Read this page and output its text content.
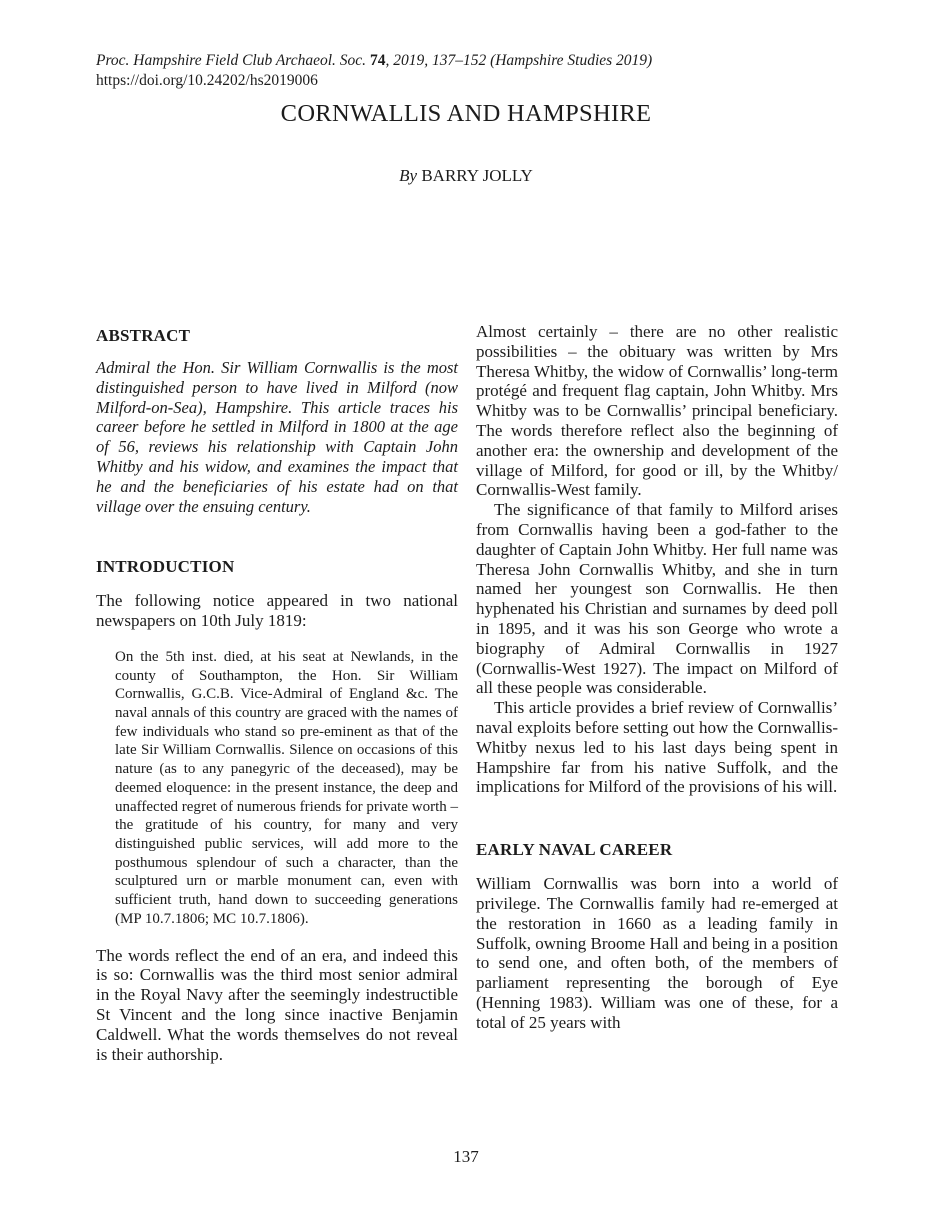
Proc. Hampshire Field Club Archaeol. Soc. 74, 2019, 137–152 (Hampshire Studies 2019)
https://doi.org/10.24202/hs2019006
CORNWALLIS AND HAMPSHIRE
By BARRY JOLLY
ABSTRACT

Admiral the Hon. Sir William Cornwallis is the most distinguished person to have lived in Milford (now Milford-on-Sea), Hampshire. This article traces his career before he settled in Milford in 1800 at the age of 56, reviews his relationship with Captain John Whitby and his widow, and examines the impact that he and the beneficiaries of his estate had on that village over the ensuing century.

INTRODUCTION

The following notice appeared in two national newspapers on 10th July 1819:

On the 5th inst. died, at his seat at Newlands, in the county of Southampton, the Hon. Sir William Cornwallis, G.C.B. Vice-Admiral of England &c. The naval annals of this country are graced with the names of few individuals who stand so pre-eminent as that of the late Sir William Cornwallis. Silence on occasions of this nature (as to any panegyric of the deceased), may be deemed eloquence: in the present instance, the deep and unaffected regret of numerous friends for private worth – the gratitude of his country, for many and very distinguished public services, will add more to the posthumous splendour of such a character, than the sculptured urn or marble monument can, even with sufficient truth, hand down to succeeding generations (MP 10.7.1806; MC 10.7.1806).

The words reflect the end of an era, and indeed this is so: Cornwallis was the third most senior admiral in the Royal Navy after the seemingly indestructible St Vincent and the long since inactive Benjamin Caldwell. What the words themselves do not reveal is their authorship.

Almost certainly – there are no other realistic possibilities – the obituary was written by Mrs Theresa Whitby, the widow of Cornwallis’ long-term protégé and frequent flag captain, John Whitby. Mrs Whitby was to be Cornwallis’ principal beneficiary. The words therefore reflect also the beginning of another era: the ownership and development of the village of Milford, for good or ill, by the Whitby/ Cornwallis-West family.

The significance of that family to Milford arises from Cornwallis having been a god-father to the daughter of Captain John Whitby. Her full name was Theresa John Cornwallis Whitby, and she in turn named her youngest son Cornwallis. He then hyphenated his Christian and surnames by deed poll in 1895, and it was his son George who wrote a biography of Admiral Cornwallis in 1927 (Cornwallis-West 1927). The impact on Milford of all these people was considerable.

This article provides a brief review of Cornwallis’ naval exploits before setting out how the Cornwallis-Whitby nexus led to his last days being spent in Hampshire far from his native Suffolk, and the implications for Milford of the provisions of his will.

EARLY NAVAL CAREER

William Cornwallis was born into a world of privilege. The Cornwallis family had re-emerged at the restoration in 1660 as a leading family in Suffolk, owning Broome Hall and being in a position to send one, and often both, of the members of parliament representing the borough of Eye (Henning 1983). William was one of these, for a total of 25 years with

137
